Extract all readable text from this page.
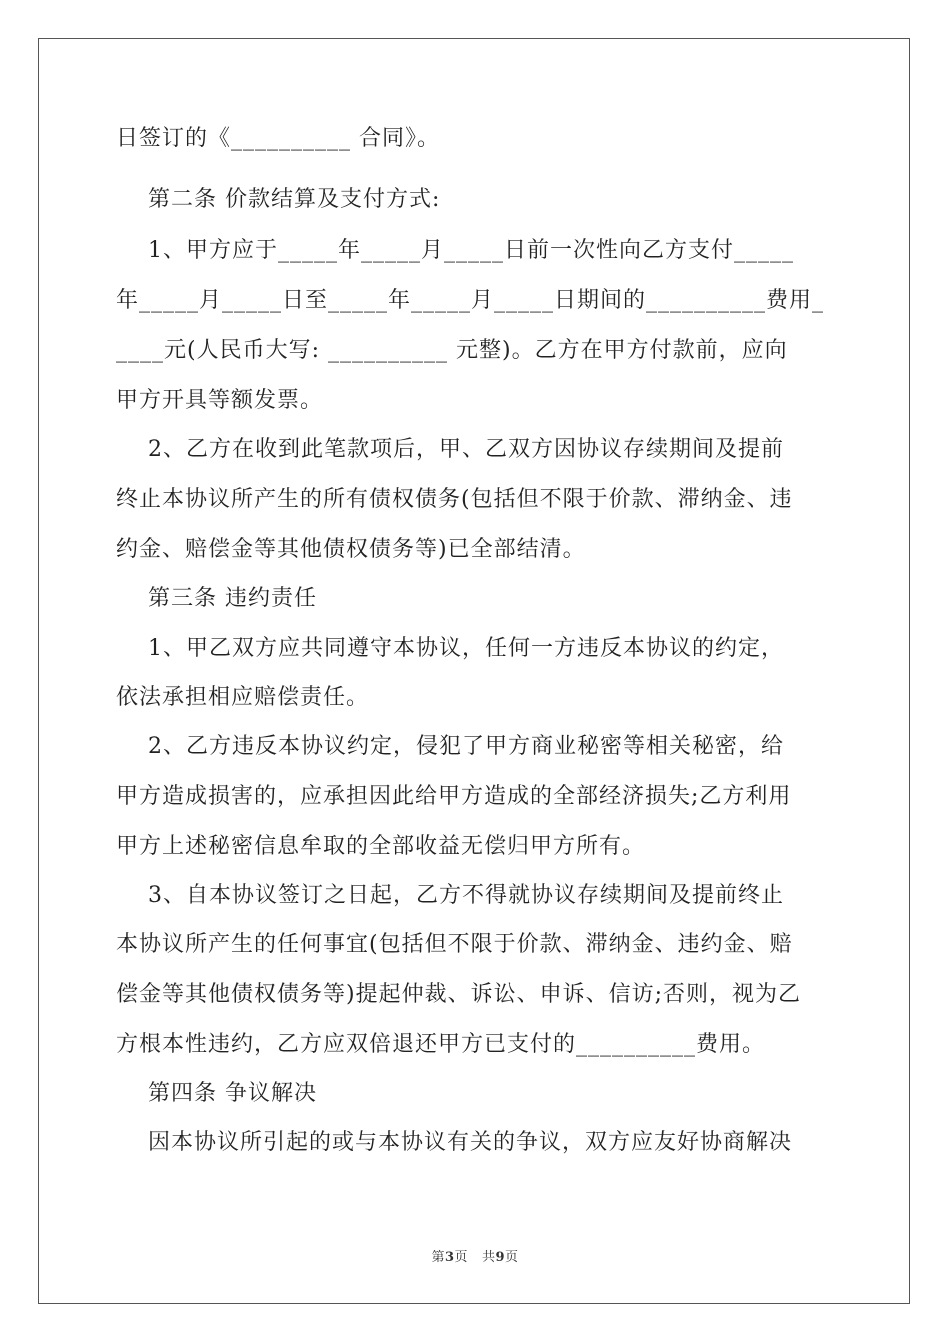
日签订的《__________ 合同》。
第二条 价款结算及支付方式:
1、甲方应于_____年_____月_____日前一次性向乙方支付_____
年_____月_____日至_____年_____月_____日期间的__________费用_
____元(人民币大写: __________ 元整)。乙方在甲方付款前，应向
甲方开具等额发票。
2、乙方在收到此笔款项后，甲、乙双方因协议存续期间及提前
终止本协议所产生的所有债权债务(包括但不限于价款、滞纳金、违
约金、赔偿金等其他债权债务等)已全部结清。
第三条 违约责任
1、甲乙双方应共同遵守本协议，任何一方违反本协议的约定，
依法承担相应赔偿责任。
2、乙方违反本协议约定，侵犯了甲方商业秘密等相关秘密，给
甲方造成损害的，应承担因此给甲方造成的全部经济损失;乙方利用
甲方上述秘密信息牟取的全部收益无偿归甲方所有。
3、自本协议签订之日起，乙方不得就协议存续期间及提前终止
本协议所产生的任何事宜(包括但不限于价款、滞纳金、违约金、赔
偿金等其他债权债务等)提起仲裁、诉讼、申诉、信访;否则，视为乙
方根本性违约，乙方应双倍退还甲方已支付的__________费用。
第四条 争议解决
因本协议所引起的或与本协议有关的争议，双方应友好协商解决
第3页   共9页
